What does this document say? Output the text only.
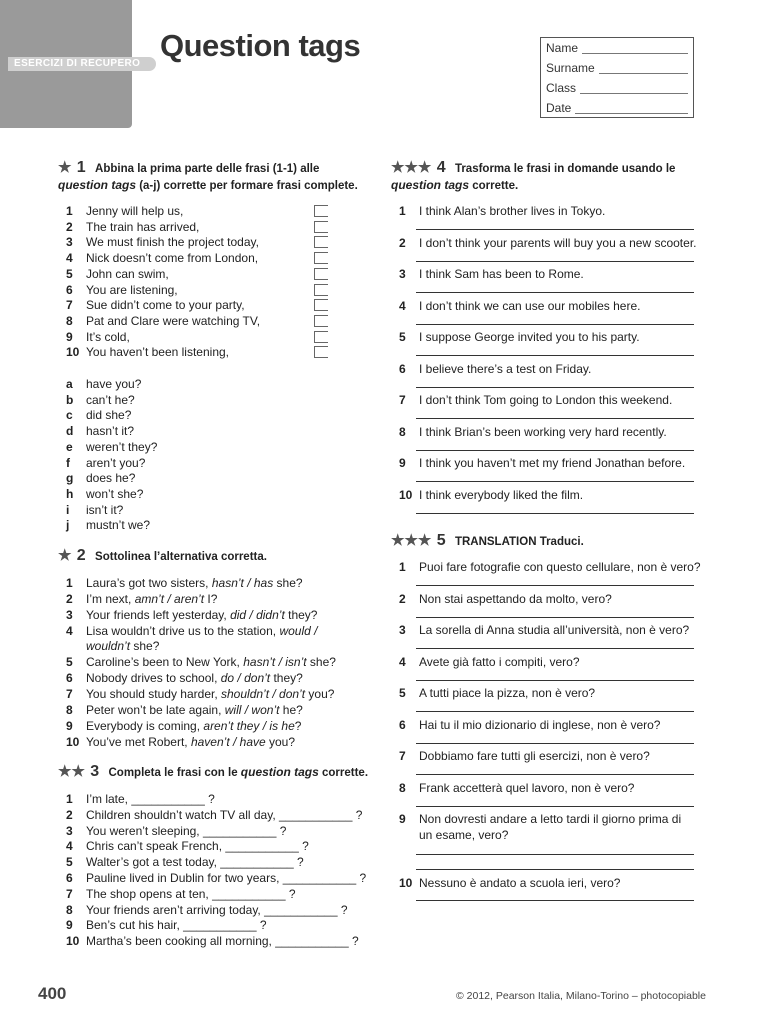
ESERCIZI DI RECUPERO
Question tags	Name
Surname
Class
Date
★ 1 Abbina la prima parte delle frasi (1-1) alle question tags (a-j) corrette per formare frasi complete.
1	Jenny will help us,
2	The train has arrived,
3	We must finish the project today,
4	Nick doesn’t come from London,
5	John can swim,
6	You are listening,
7	Sue didn’t come to your party,
8	Pat and Clare were watching TV,
9	It’s cold,
10 You haven’t been listening,
a	have you?
b	can’t he?
c	did she?
d	hasn’t it?
e	weren’t they?
f	aren’t you?
g	does he?
h	won’t she?
i	isn’t it?
j	mustn’t we?
★ 2 Sottolinea l’alternativa corretta.
1	Laura’s got two sisters, hasn’t / has she?
2	I’m next, amn’t / aren’t I?
3	Your friends left yesterday, did / didn’t they?
4	Lisa wouldn’t drive us to the station, would /
wouldn’t she?
5	Caroline’s been to New York, hasn’t / isn’t she?
6	Nobody drives to school, do / don’t they?
7	You should study harder, shouldn’t / don’t you?
8	Peter won’t be late again, will / won’t he?
9	Everybody is coming, aren’t they / is he?
10 You’ve met Robert, haven’t / have you?
★★ 3 Completa le frasi con le question tags corrette.
1	I’m late, ___________ ?
2	Children shouldn’t watch TV all day, ___________ ?
3	You weren’t sleeping, ___________ ?
4	Chris can’t speak French, ___________ ?
5	Walter’s got a test today, ___________ ?
6	Pauline lived in Dublin for two years, ___________ ?
7	The shop opens at ten, ___________ ?
8	Your friends aren’t arriving today, ___________ ?
9	Ben’s cut his hair, ___________ ?
10 Martha’s been cooking all morning, ___________ ?
★★★ 4 Trasforma le frasi in domande usando le
question tags corrette.
1	I think Alan’s brother lives in Tokyo.
2	I don’t think your parents will buy you a new scooter.
3	I think Sam has been to Rome.
4	I don’t think we can use our mobiles here.
5	I suppose George invited you to his party.
6	I believe there’s a test on Friday.
7	I don’t think Tom going to London this weekend.
8	I think Brian’s been working very hard recently.
9	I think you haven’t met my friend Jonathan before.
10 I think everybody liked the film.
★★★ 5 TRANSLATION Traduci.
1	Puoi fare fotografie con questo cellulare, non è vero?
2	Non stai aspettando da molto, vero?
3	La sorella di Anna studia all’università, non è vero?
4	Avete già fatto i compiti, vero?
5	A tutti piace la pizza, non è vero?
6	Hai tu il mio dizionario di inglese, non è vero?
7	Dobbiamo fare tutti gli esercizi, non è vero?
8	Frank accetterà quel lavoro, non è vero?
9	Non dovresti andare a letto tardi il giorno prima di
un esame, vero?
10 Nessuno è andato a scuola ieri, vero?
400	© 2012, Pearson Italia, Milano-Torino – photocopiable
